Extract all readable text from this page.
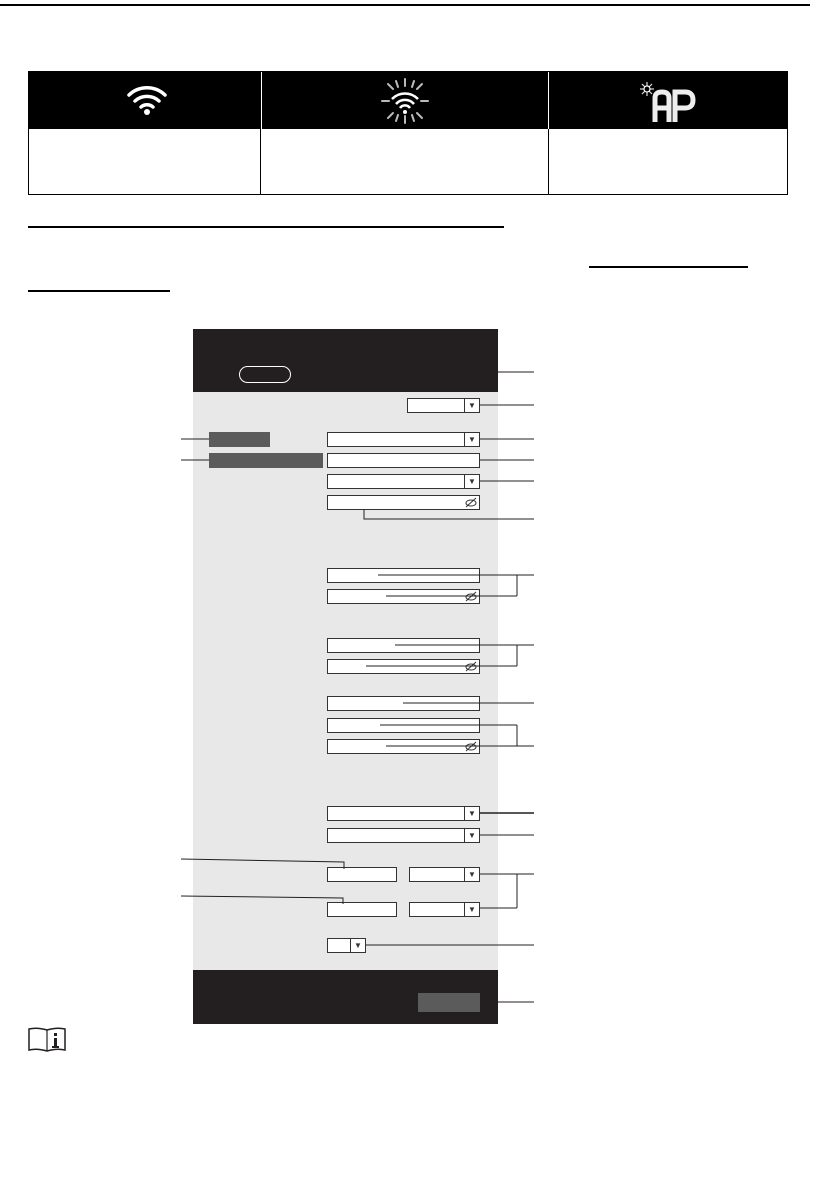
▼
▼
▼
▼
▼
▼
▼
▼
